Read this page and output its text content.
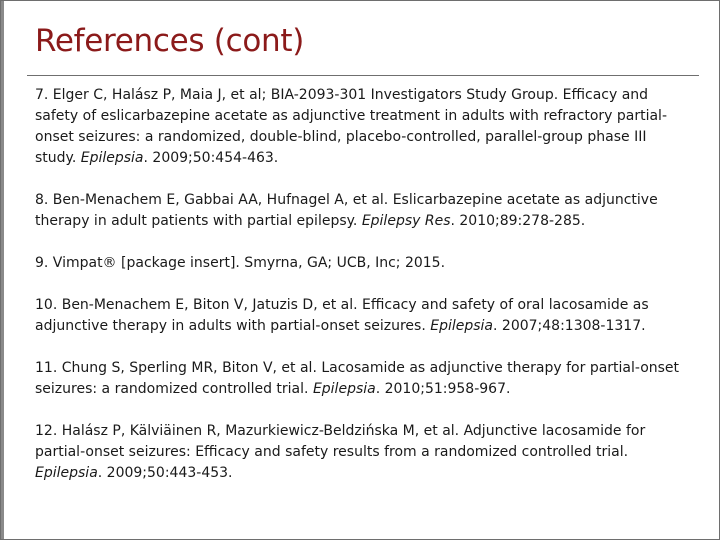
References (cont)

7. Elger C, Halász P, Maia J, et al; BIA-2093-301 Investigators Study Group. Efficacy and safety of eslicarbazepine acetate as adjunctive treatment in adults with refractory partial-onset seizures: a randomized, double-blind, placebo-controlled, parallel-group phase III study. Epilepsia. 2009;50:454-463.

8. Ben-Menachem E, Gabbai AA, Hufnagel A, et al. Eslicarbazepine acetate as adjunctive therapy in adult patients with partial epilepsy. Epilepsy Res. 2010;89:278-285.

9. Vimpat® [package insert]. Smyrna, GA; UCB, Inc; 2015.

10. Ben-Menachem E, Biton V, Jatuzis D, et al. Efficacy and safety of oral lacosamide as adjunctive therapy in adults with partial-onset seizures. Epilepsia. 2007;48:1308-1317.

11. Chung S, Sperling MR, Biton V, et al. Lacosamide as adjunctive therapy for partial-onset seizures: a randomized controlled trial. Epilepsia. 2010;51:958-967.

12. Halász P, Kälviäinen R, Mazurkiewicz-Beldzińska M, et al. Adjunctive lacosamide for partial-onset seizures: Efficacy and safety results from a randomized controlled trial. Epilepsia. 2009;50:443-453.
